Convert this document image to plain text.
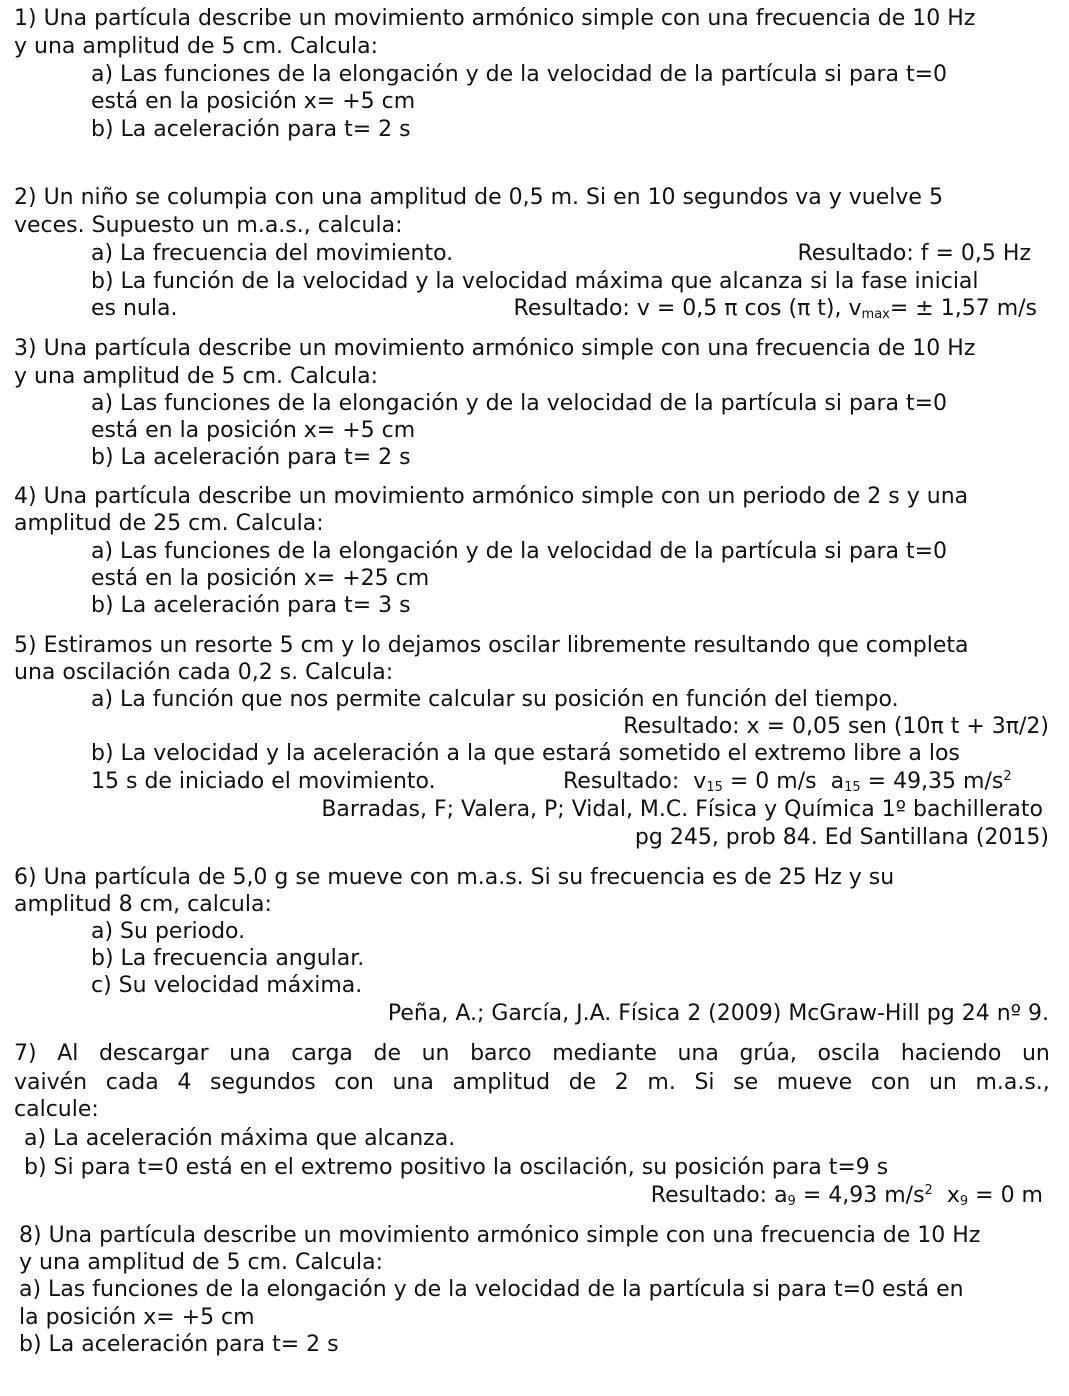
1) Una partícula describe un movimiento armónico simple con una frecuencia de 10 Hz
y una amplitud de 5 cm. Calcula:
a) Las funciones de la elongación y de la velocidad de la partícula si para t=0
está en la posición x= +5 cm
b) La aceleración para t= 2 s
2) Un niño se columpia con una amplitud de 0,5 m. Si en 10 segundos va y vuelve 5
veces. Supuesto un m.a.s., calcula:
a) La frecuencia del movimiento.	Resultado: f = 0,5 Hz
b) La función de la velocidad y la velocidad máxima que alcanza si la fase inicial
es nula.	Resultado: v = 0,5 π cos (π t), $v_{max}= \pm 1,57$ m/s
3) Una partícula describe un movimiento armónico simple con una frecuencia de 10 Hz
y una amplitud de 5 cm. Calcula:
a) Las funciones de la elongación y de la velocidad de la partícula si para t=0
está en la posición x= +5 cm
b) La aceleración para t= 2 s
4) Una partícula describe un movimiento armónico simple con un periodo de 2 s y una
amplitud de 25 cm. Calcula:
a) Las funciones de la elongación y de la velocidad de la partícula si para t=0
está en la posición x= +25 cm
b) La aceleración para t= 3 s
5) Estiramos un resorte 5 cm y lo dejamos oscilar libremente resultando que completa
una oscilación cada 0,2 s. Calcula:
a) La función que nos permite calcular su posición en función del tiempo.
Resultado: x = 0,05 sen (10π t + 3π/2)
b) La velocidad y la aceleración a la que estará sometido el extremo libre a los
15 s de iniciado el movimiento.	Resultado: $v_{15} = 0$ m/s $a_{15} = 49,35$ $m/s^2$
Barradas, F; Valera, P; Vidal, M.C. Física y Química 1º bachillerato
pg 245, prob 84. Ed Santillana (2015)
6) Una partícula de 5,0 g se mueve con m.a.s. Si su frecuencia es de 25 Hz y su
amplitud 8 cm, calcula:
a) Su periodo.
b) La frecuencia angular.
c) Su velocidad máxima.
Peña, A.; García, J.A. Física 2 (2009) McGraw-Hill pg 24 nº 9.
7) Al descargar una carga de un barco mediante una grúa, oscila haciendo un
vaivén cada 4 segundos con una amplitud de 2 m. Si se mueve con un m.a.s.,
calcule:
a) La aceleración máxima que alcanza.
b) Si para t=0 está en el extremo positivo la oscilación, su posición para t=9 s
Resultado: $a_9 = 4,93$ $m/s^2$ $x_9 = 0$ m
8) Una partícula describe un movimiento armónico simple con una frecuencia de 10 Hz
y una amplitud de 5 cm. Calcula:
a) Las funciones de la elongación y de la velocidad de la partícula si para t=0 está en
la posición x= +5 cm
b) La aceleración para t= 2 s
